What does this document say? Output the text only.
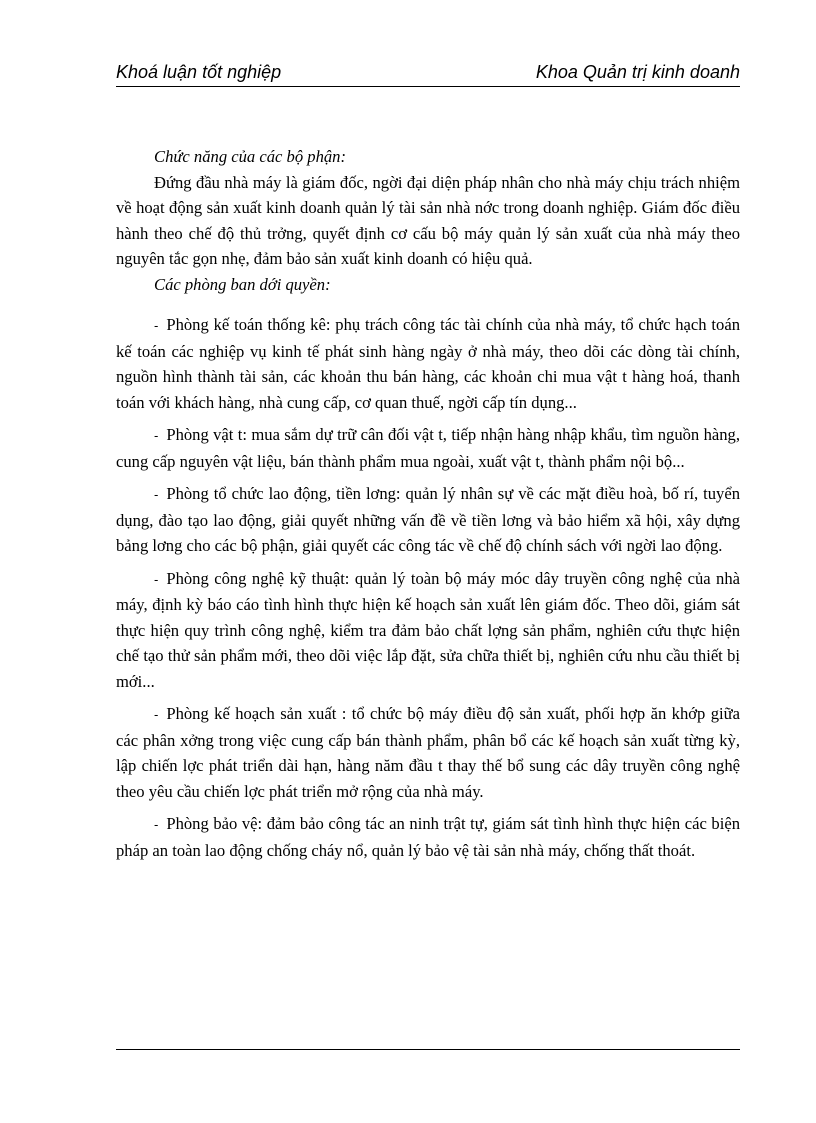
Khoá luận tốt nghiệp	Khoa Quản trị kinh doanh

Chức năng của các bộ phận:

Đứng đầu nhà máy là giám đốc, ngời đại diện pháp nhân cho nhà máy chịu trách nhiệm về hoạt động sản xuất kinh doanh quản lý tài sản nhà nớc trong doanh nghiệp. Giám đốc điều hành theo chế độ thủ trởng, quyết định cơ cấu bộ máy quản lý sản xuất của nhà máy theo nguyên tắc gọn nhẹ, đảm bảo sản xuất kinh doanh có hiệu quả.

Các phòng ban dới quyền:

- Phòng kế toán thống kê: phụ trách công tác tài chính của nhà máy, tổ chức hạch toán kế toán các nghiệp vụ kinh tế phát sinh hàng ngày ở nhà máy, theo dõi các dòng tài chính, nguồn hình thành tài sản, các khoản thu bán hàng, các khoản chi mua vật t hàng hoá, thanh toán với khách hàng, nhà cung cấp, cơ quan thuế, ngời cấp tín dụng...

- Phòng vật t: mua sắm dự trữ cân đối vật t, tiếp nhận hàng nhập khẩu, tìm nguồn hàng, cung cấp nguyên vật liệu, bán thành phẩm mua ngoài, xuất vật t, thành phẩm nội bộ...

- Phòng tổ chức lao động, tiền lơng: quản lý nhân sự về các mặt điều hoà, bố rí, tuyển dụng, đào tạo lao động, giải quyết những vấn đề về tiền lơng và bảo hiểm xã hội, xây dựng bảng lơng cho các bộ phận, giải quyết các công tác về chế độ chính sách với ngời lao động.

- Phòng công nghệ kỹ thuật: quản lý toàn bộ máy móc dây truyền công nghệ của nhà máy, định kỳ báo cáo tình hình thực hiện kế hoạch sản xuất lên giám đốc. Theo dõi, giám sát thực hiện quy trình công nghệ, kiểm tra đảm bảo chất lợng sản phẩm, nghiên cứu thực hiện chế tạo thử sản phẩm mới, theo dõi việc lắp đặt, sửa chữa thiết bị, nghiên cứu nhu cầu thiết bị mới...

- Phòng kế hoạch sản xuất : tổ chức bộ máy điều độ sản xuất, phối hợp ăn khớp giữa các phân xởng trong việc cung cấp bán thành phẩm, phân bổ các kế hoạch sản xuất từng kỳ, lập chiến lợc phát triển dài hạn, hàng năm đầu t thay thế bổ sung các dây truyền công nghệ theo yêu cầu chiến lợc phát triển mở rộng của nhà máy.

- Phòng bảo vệ: đảm bảo công tác an ninh trật tự, giám sát tình hình thực hiện các biện pháp an toàn lao động chống cháy nổ, quản lý bảo vệ tài sản nhà máy, chống thất thoát.
